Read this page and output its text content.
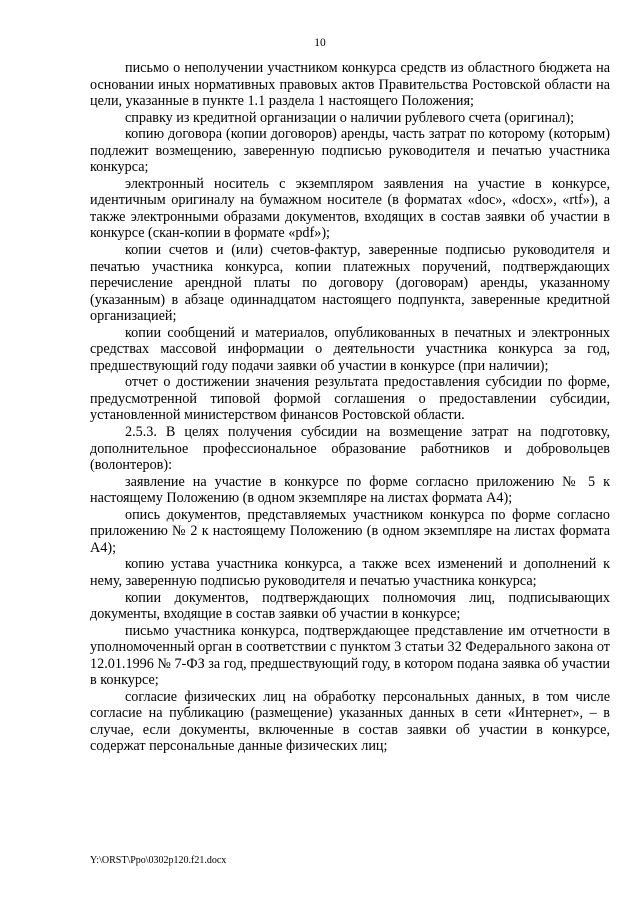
10

письмо о неполучении участником конкурса средств из областного бюджета на основании иных нормативных правовых актов Правительства Ростовской области на цели, указанные в пункте 1.1 раздела 1 настоящего Положения;

справку из кредитной организации о наличии рублевого счета (оригинал);

копию договора (копии договоров) аренды, часть затрат по которому (которым) подлежит возмещению, заверенную подписью руководителя и печатью участника конкурса;

электронный носитель с экземпляром заявления на участие в конкурсе, идентичным оригиналу на бумажном носителе (в форматах «doc», «docx», «rtf»), а также электронными образами документов, входящих в состав заявки об участии в конкурсе (скан-копии в формате «pdf»);

копии счетов и (или) счетов-фактур, заверенные подписью руководителя и печатью участника конкурса, копии платежных поручений, подтверждающих перечисление арендной платы по договору (договорам) аренды, указанному (указанным) в абзаце одиннадцатом настоящего подпункта, заверенные кредитной организацией;

копии сообщений и материалов, опубликованных в печатных и электронных средствах массовой информации о деятельности участника конкурса за год, предшествующий году подачи заявки об участии в конкурсе (при наличии);

отчет о достижении значения результата предоставления субсидии по форме, предусмотренной типовой формой соглашения о предоставлении субсидии, установленной министерством финансов Ростовской области.

2.5.3. В целях получения субсидии на возмещение затрат на подготовку, дополнительное профессиональное образование работников и добровольцев (волонтеров):

заявление на участие в конкурсе по форме согласно приложению № 5 к настоящему Положению (в одном экземпляре на листах формата А4);

опись документов, представляемых участником конкурса по форме согласно приложению № 2 к настоящему Положению (в одном экземпляре на листах формата А4);

копию устава участника конкурса, а также всех изменений и дополнений к нему, заверенную подписью руководителя и печатью участника конкурса;

копии документов, подтверждающих полномочия лиц, подписывающих документы, входящие в состав заявки об участии в конкурсе;

письмо участника конкурса, подтверждающее представление им отчетности в уполномоченный орган в соответствии с пунктом 3 статьи 32 Федерального закона от 12.01.1996 № 7-ФЗ за год, предшествующий году, в котором подана заявка об участии в конкурсе;

согласие физических лиц на обработку персональных данных, в том числе согласие на публикацию (размещение) указанных данных в сети «Интернет», – в случае, если документы, включенные в состав заявки об участии в конкурсе, содержат персональные данные физических лиц;

Y:\ORST\Ppo\0302p120.f21.docx
